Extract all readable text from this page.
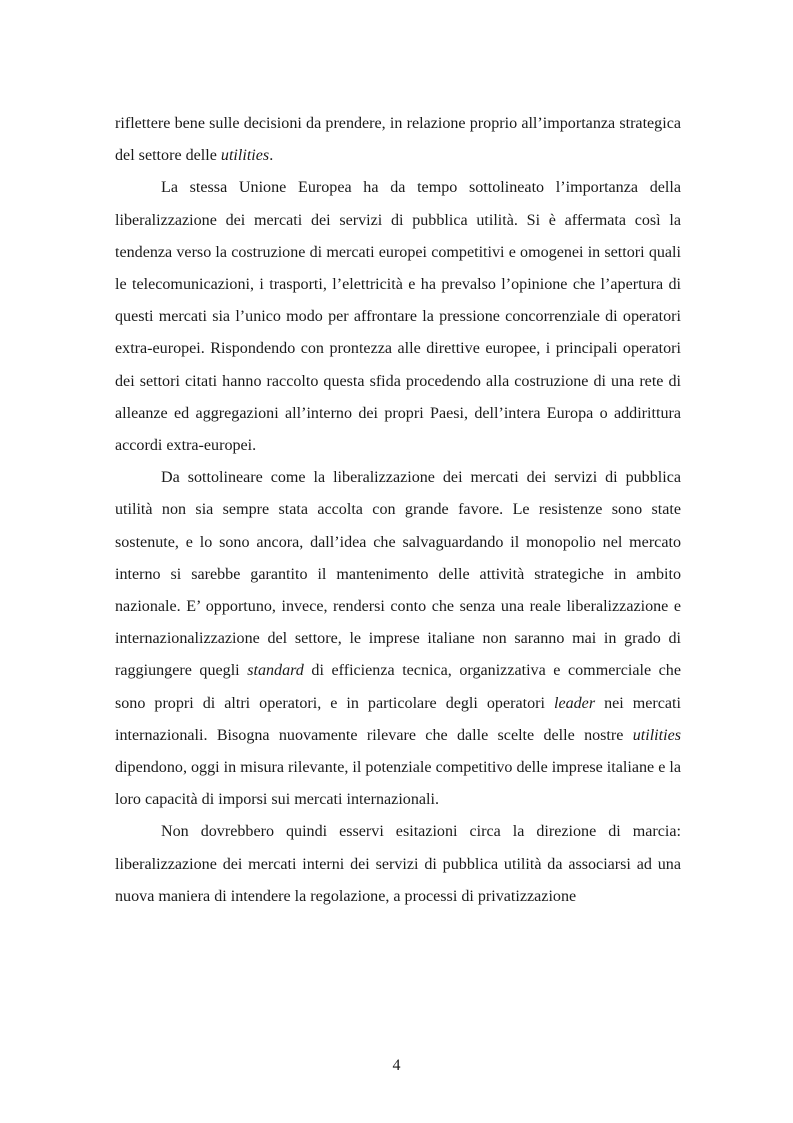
riflettere bene sulle decisioni da prendere, in relazione proprio all’importanza strategica del settore delle utilities.

La stessa Unione Europea ha da tempo sottolineato l’importanza della liberalizzazione dei mercati dei servizi di pubblica utilità. Si è affermata così la tendenza verso la costruzione di mercati europei competitivi e omogenei in settori quali le telecomunicazioni, i trasporti, l’elettricità e ha prevalso l’opinione che l’apertura di questi mercati sia l’unico modo per affrontare la pressione concorrenziale di operatori extra-europei. Rispondendo con prontezza alle direttive europee, i principali operatori dei settori citati hanno raccolto questa sfida procedendo alla costruzione di una rete di alleanze ed aggregazioni all’interno dei propri Paesi, dell’intera Europa o addirittura accordi extra-europei.

Da sottolineare come la liberalizzazione dei mercati dei servizi di pubblica utilità non sia sempre stata accolta con grande favore. Le resistenze sono state sostenute, e lo sono ancora, dall’idea che salvaguardando il monopolio nel mercato interno si sarebbe garantito il mantenimento delle attività strategiche in ambito nazionale. E’ opportuno, invece, rendersi conto che senza una reale liberalizzazione e internazionalizzazione del settore, le imprese italiane non saranno mai in grado di raggiungere quegli standard di efficienza tecnica, organizzativa e commerciale che sono propri di altri operatori, e in particolare degli operatori leader nei mercati internazionali. Bisogna nuovamente rilevare che dalle scelte delle nostre utilities dipendono, oggi in misura rilevante, il potenziale competitivo delle imprese italiane e la loro capacità di imporsi sui mercati internazionali.

Non dovrebbero quindi esservi esitazioni circa la direzione di marcia: liberalizzazione dei mercati interni dei servizi di pubblica utilità da associarsi ad una nuova maniera di intendere la regolazione, a processi di privatizzazione

4
